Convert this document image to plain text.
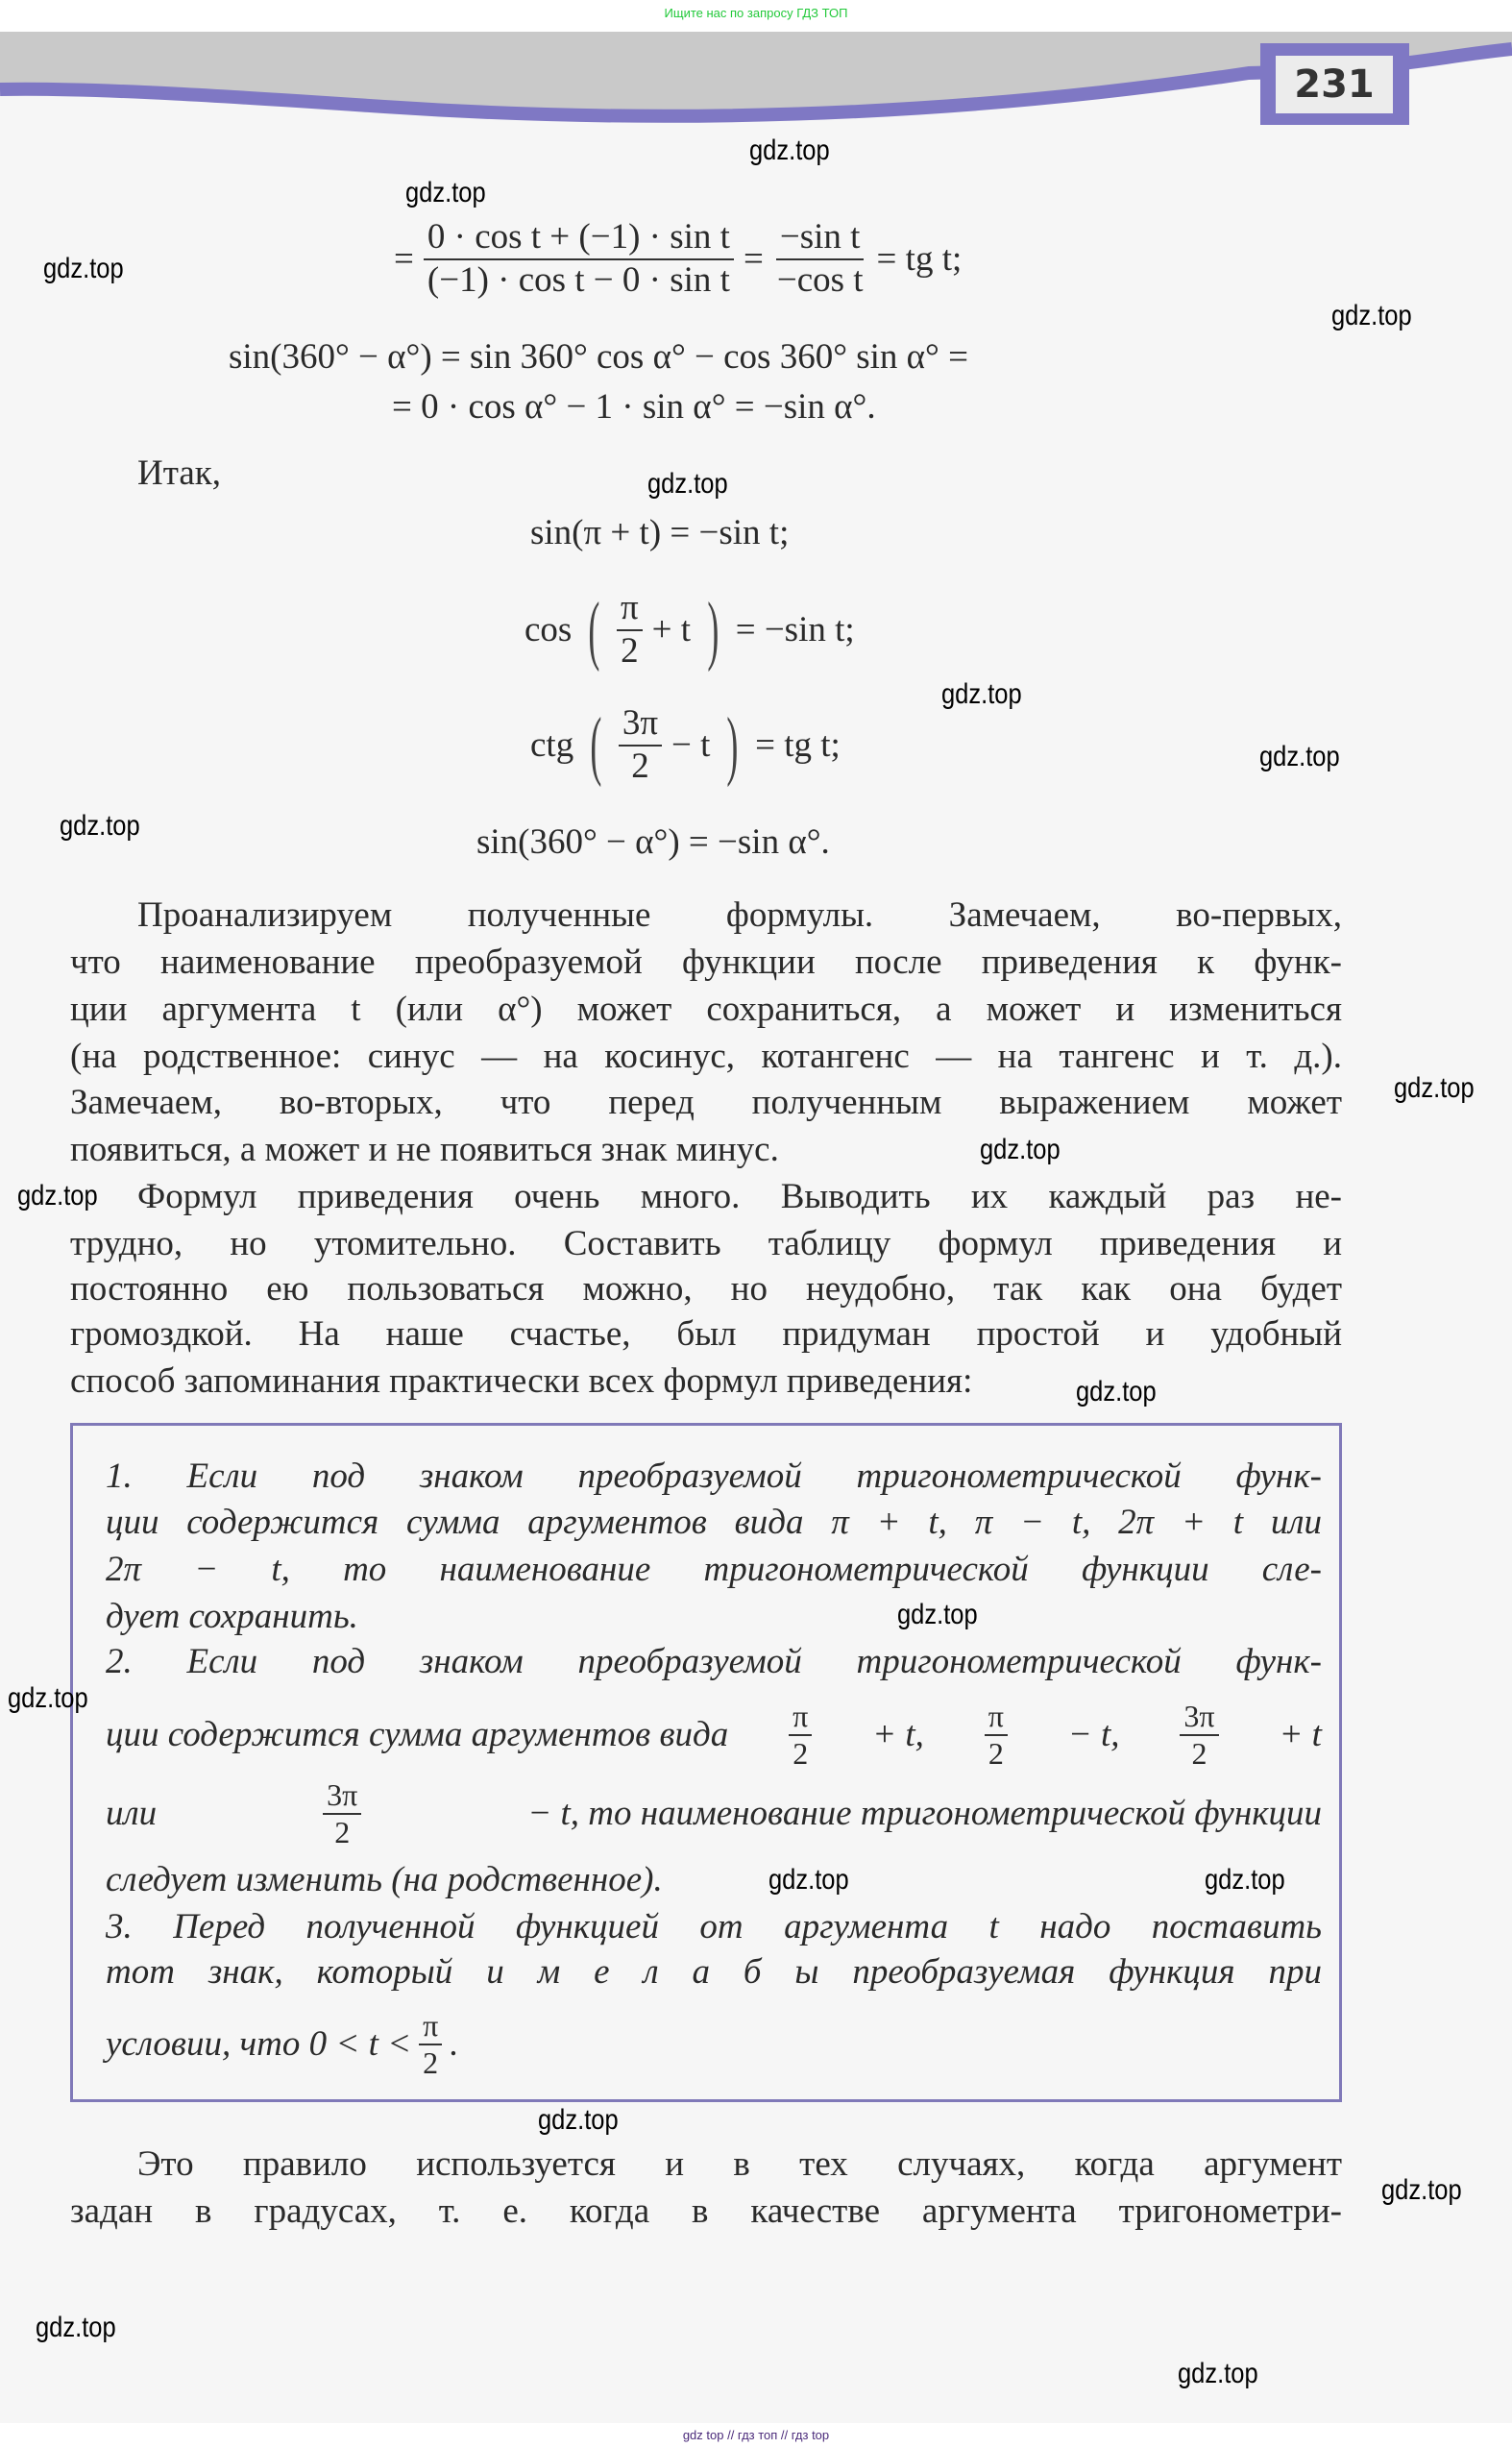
Ищите нас по запросу ГДЗ ТОП
231
= $\frac{\text{0 · cos t + (−1) · sin t}}{\text{(−1) · cos t − 0 · sin t}} = \frac{\text{−sin t}}{\text{−cos t}}$ = tg t;
sin(360° − α°) = sin 360° cos α° − cos 360° sin α° =
= 0 · cos α° − 1 · sin α° = −sin α°.
Итак,
sin(π + t) = −sin t;
cos ( $\frac{\pi}{2} + t$ ) = −sin t;
ctg ( $\frac{3\pi}{2} - t$ ) = tg t;
sin(360° − α°) = −sin α°.
Проанализируем полученные формулы. Замечаем, во-первых,
что наименование преобразуемой функции после приведения к функ-
ции аргумента t (или α°) может сохраниться, а может и измениться
(на родственное: синус — на косинус, котангенс — на тангенс и т. д.).
Замечаем, во-вторых, что перед полученным выражением может
появиться, а может и не появиться знак минус.
Формул приведения очень много. Выводить их каждый раз не-
трудно, но утомительно. Составить таблицу формул приведения и
постоянно ею пользоваться можно, но неудобно, так как она будет
громоздкой. На наше счастье, был придуман простой и удобный
способ запоминания практически всех формул приведения:
1. Если под знаком преобразуемой тригонометрической функ-
ции содержится сумма аргументов вида π + t, π − t, 2π + t или
2π − t, то наименование тригонометрической функции сле-
дует сохранить.
2. Если под знаком преобразуемой тригонометрической функ-
ции содержится сумма аргументов вида $\frac{\pi}{2} + t$, $\frac{\pi}{2} - t$, $\frac{3\pi}{2} + t$
или	$\frac{3\pi}{2}$	− t, то наименование тригонометрической функции
следует изменить (на родственное).
3. Перед полученной функцией от аргумента t надо поставить
тот знак, который и м е л а б ы преобразуемая функция при
условии, что $0 < t < \frac{\pi}{2}$ .
Это правило используется и в тех случаях, когда аргумент
задан в градусах, т. е. когда в качестве аргумента тригонометри-
gdz.top
gdz.top
gdz.top
gdz.top
gdz.top
gdz.top
gdz.top
gdz.top
gdz.top
gdz.top
gdz.top
gdz.top
gdz.top
gdz.top
gdz.top	gdz.top
gdz.top
gdz.top
gdz.top
gdz.top
gdz top // гдз топ // гдз top
